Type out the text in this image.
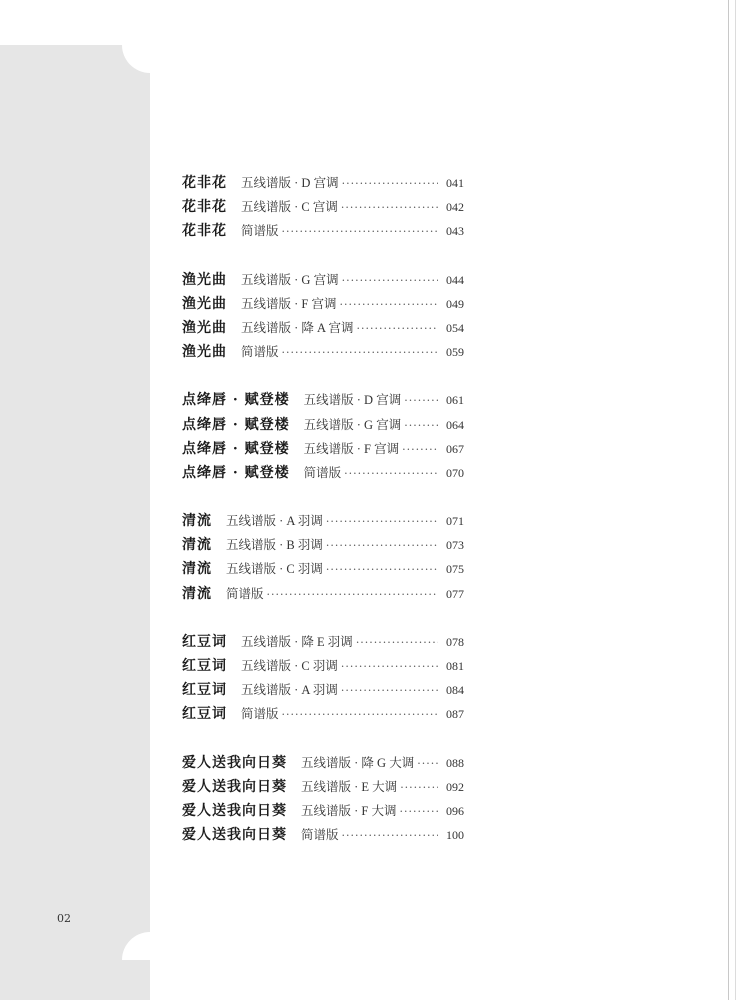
02
花非花 五线谱版 · D 宫调 ·····	041
花非花 五线谱版 · C 宫调 ·····	042
花非花 简谱版 ·····	043
渔光曲 五线谱版 · G 宫调 ·····	044
渔光曲 五线谱版 · F 宫调 ·····	049
渔光曲 五线谱版 · 降 A 宫调 ·····	054
渔光曲 简谱版 ·····	059
点绛唇 · 赋登楼 五线谱版 · D 宫调 ·····	061
点绛唇 · 赋登楼 五线谱版 · G 宫调 ·····	064
点绛唇 · 赋登楼 五线谱版 · F 宫调 ·····	067
点绛唇 · 赋登楼 简谱版 ·····	070
清流 五线谱版 · A 羽调 ·····	071
清流 五线谱版 · B 羽调 ·····	073
清流 五线谱版 · C 羽调 ·····	075
清流 简谱版 ·····	077
红豆词 五线谱版 · 降 E 羽调 ·····	078
红豆词 五线谱版 · C 羽调 ·····	081
红豆词 五线谱版 · A 羽调 ·····	084
红豆词 简谱版 ·····	087
爱人送我向日葵 五线谱版 · 降 G 大调 ·····	088
爱人送我向日葵 五线谱版 · E 大调 ·····	092
爱人送我向日葵 五线谱版 · F 大调 ·····	096
爱人送我向日葵 简谱版 ·····	100
